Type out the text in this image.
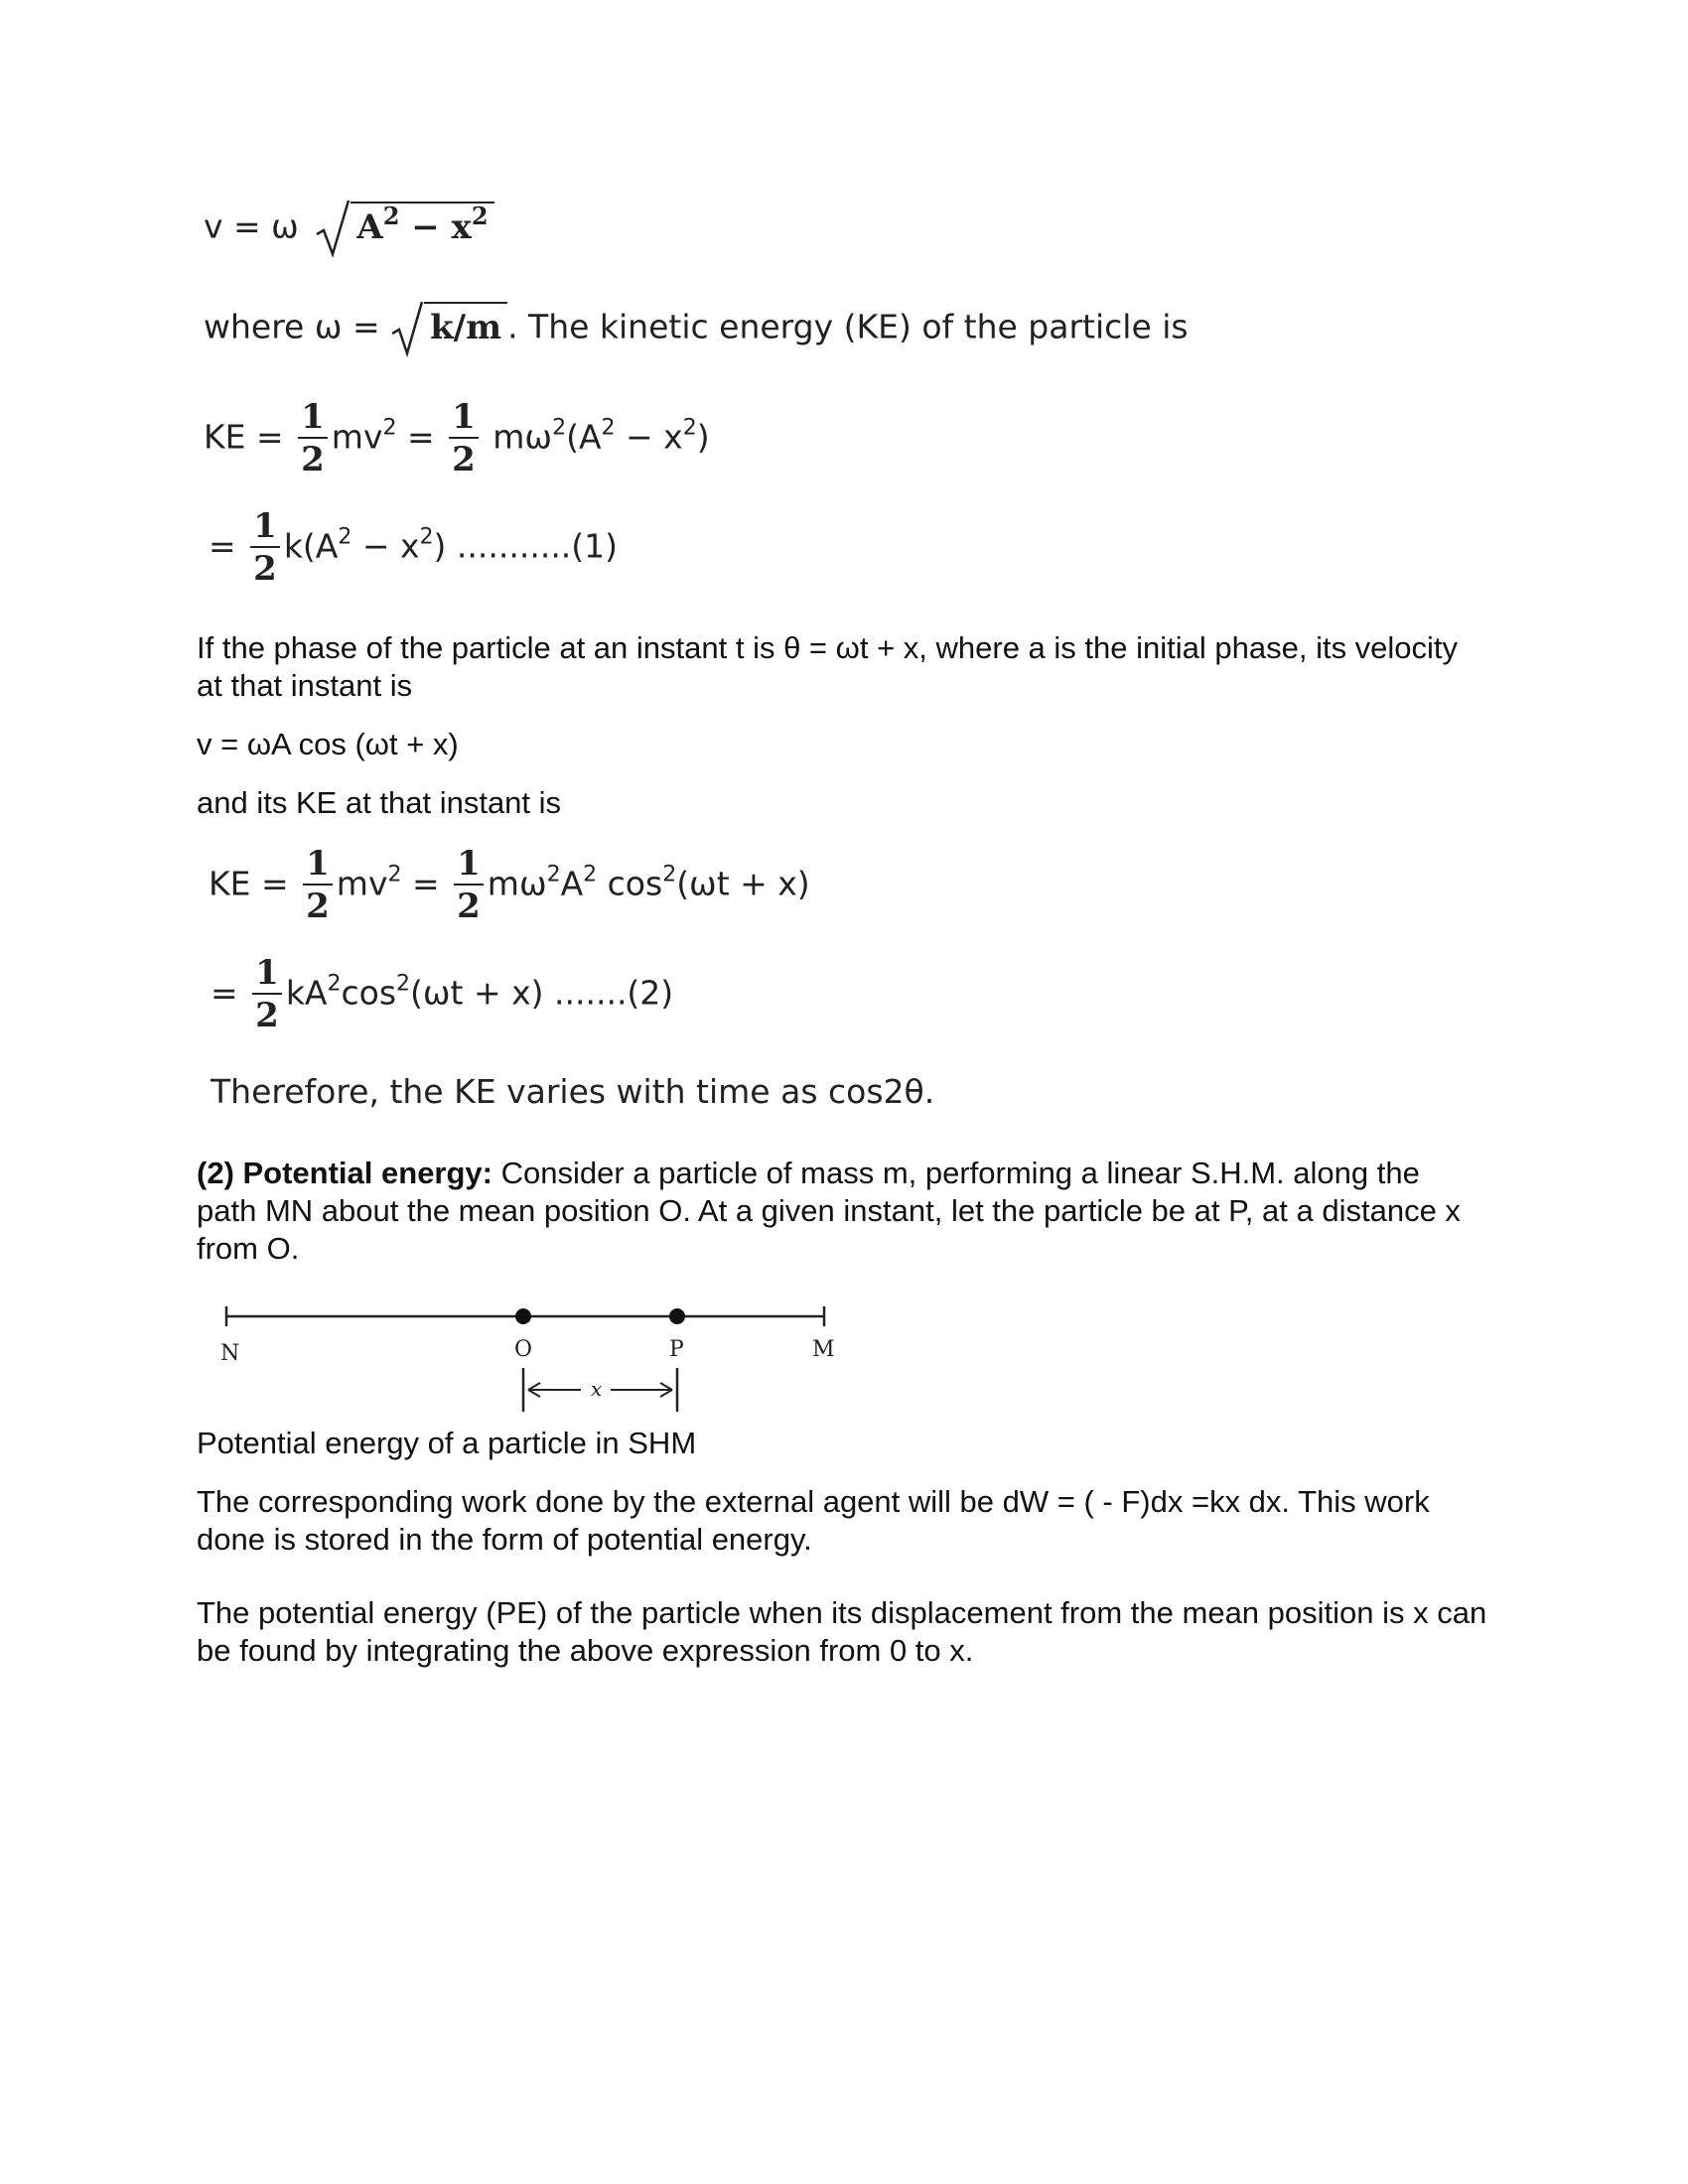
v = ω $A^2 - x^2$
where ω = k/m . The kinetic energy (KE) of the particle is
KE = $\frac{1}{2} mv^2 = \frac{1}{2} m\omega^2(A^2 - x^2)$
= $\frac{1}{2} k(A^2 - x^2)$ ...........(1)
If the phase of the particle at an instant t is θ = ωt + x, where a is the initial phase, its velocity at that instant is
v = ωA cos (ωt + x)
and its KE at that instant is
KE = $\frac{1}{2} mv^2 = \frac{1}{2} m\omega^2A^2$ $\cos^2(\omega t + x)$
= $\frac{1}{2} kA^2\cos^2(\omega t + x)$ .......(2)
Therefore, the KE varies with time as cos2θ.
(2) Potential energy: Consider a particle of mass m, performing a linear S.H.M. along the path MN about the mean position O. At a given instant, let the particle be at P, at a distance x from O.
N	O	P	M
x
Potential energy of a particle in SHM
The corresponding work done by the external agent will be dW = ( - F)dx =kx dx. This work done is stored in the form of potential energy.
The potential energy (PE) of the particle when its displacement from the mean position is x can be found by integrating the above expression from 0 to x.
